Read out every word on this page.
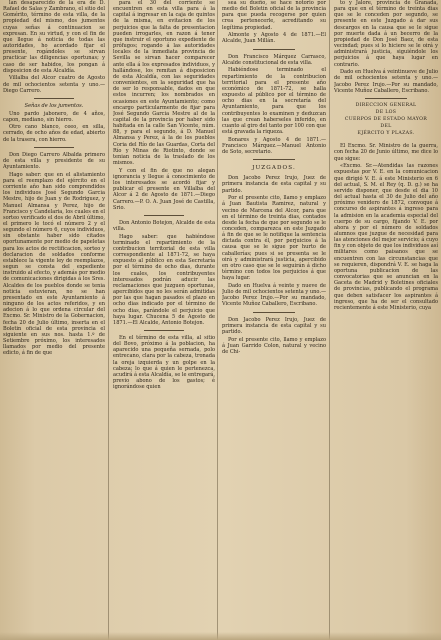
lan desaparecido de la era de D. Rafael de Salas y Zambrano, el sitio del Gomérito, término de esta villa, de la propiedad del mismo, dos jumentos cuyas señas á continuacion se expresan. En su virtud, y con el fin de que llegue á noticia de todas las autoridades, ho acordado fijar el presente, rogándoles se sirvan practicar las diligencias oportunas; y caso de ser habidos, los pongan á disposicion de esta Alcaldía.

Villalba del Alcor cuatro de Agosto de mil ochocientos setenta y uno.—Diego Carrero.

Señas de los jumentos.

Uno pardo jabonero, de 4 años, capon, mediano, sin hierro.

Otro cano blanco, ceeo, en silla, cerrado, de ocho años de edad, abierto de la trasera, con hierro.

Don Diego Carrero Albalda primero de esta villa y presidente de su Ayuntamiento.

Hago saber: que en el alistamiento para el reemplazo del ejército en el corriente año han sido comprendidos los individuos José Segundo Garcia Mestre, hijo de Juan y de Rodriguez, y Manuel Almansa y Perez, hijo de Francisco y Candelaria, los cuales en el sorteo verificado el dos de Abril último, el primero le tocó el número 2 y el segundo el número 6, cuyos individuos, sin obstante haber sido citados oportunamente por medio de papeletas para los actos de rectificacion, sorteo y declaracion de soldados conforme establece la vigente ley de reemplazos, segun se consta del expediente instruido al efecto, y además por medio de comunicaciones dirigidas á los Sres. Alcaldes de los pueblos donde se tenia noticia estuvieran, no se han presentado en este Ayuntamiento á ninguno de los actos referidos, y en adecion á lo que ordena circular del Excmo. Sr. Ministro de la Gobernacion, fecha 20 de Julio último, inserta en el Boletin oficial de esta provincia el siguiente en sus nos. hasta 1.º de Setiembre próximo, los interesados llamados por medio del presente edicto, á fin de que

para el 30 del corriente se encuentren en esta villa para á la capital á ingresar en la caja de quintos de la misma, en evitacion de los perjuicios que la falta de presentacion pueden irrogarles, en razon á tener que instruir el oportuno expediente de prófugos; rogando á las autoridades locales de la inmediata provincia de Sevilla se sirvan hacer comparecer ante ella á los expresados individuos, y hallándose, los remitan á disposicion de esta Alcaldía, con las seguridades convenientes, en la seguridad que ha de ser lo responsable, dados en que estos incurren; los nombrados en ocasiones en este Ayuntamiento; como encargo particularmente de fijar para José Segundo Garcia Mestre al de la capital de la provincia por haber sido habitada en la calle San Vicente, núm. 88, y para el segundo, á D. Manuel Almansa y Perez, á la de los pueblos Coria del Río de las Guardas, Corta del Río y Minas de Riotinto, donde se tenian noticia de la traslado de los mismos.

Y con el fin de que no alegan ignorancia y llegue á conocimiento de los interesados se acordó fijar y publicar el presente en Villalba del Alcor á 2 de Agosto de 1871.—Diego Carrero.—P. O. A. Juan José de Castilla, Srio.

Don Antonio Botejon, Alcalde de esta villa.

Hago saber: que habiéndose terminado el repartimiento de la contribucion territorial de esta villa correspondiente al 1871-72, se haya expuesto al público en esta Secretaría por el término de ocho dias, durante los cuales, los contribuyentes interesados podrán aducir las reclamaciones que juzguen oportunas, apercibidos que no les serán admitidas por las que hagan pasados el plazo en ocho dias indicado por el término de ocho dias, parándole el perjuicio que haya lugar. Chucena 5 de Agosto de 1871.—El Alcalde, Antonio Botejon.

En el término de esta villa, al sitio del Bovo, próximo á la poblacion, ha aparecido una pequeña sernada, polo entrecano, clara por la cabeza, tronada la oreja izquierda y un golpe en la cabeza; lo que á quien le pertenezca, acudirá á esta Alcaldía, se le entregará, previo abono de los gastos; é ignorándose quien

sea su dueño, se hace notorio por medio del Boletin oficial de la provincia para que pueda recogerse por quien crea pertenecerle, acreditando su legítima propiedad.

Almonte y Agosto 4 de 1871.—El Alcalde, Juan Millán.

Don Francisco Márquez Carrasco, Alcalde constitucional de esta villa.

Habiéndose terminado el repartimiento de la contribucion territorial para el presente año económico de 1871-72, se halla expuesto al público por el término de ocho dias en la secretaría del Ayuntamiento, para que los contribuyentes lo examinen y deduzcan las que crean haberseles inferido, en cuanto al giro del tanto por 100 con que está gravada la riqueza.

Bonares y Agosto 4 de 1871.—Francisco Márquez.—Manuel Antonio de Soto, secretario.

JUZGADOS.

Don Jacobo Perez Irujo, Juez de primera instancia de esta capital y su partido.

Por el presente cito, llamo y emplazo á Juan Bautista Ramirez, natural y vecino de Marcena del Alcor, para que en el término de treinta dias, contados desde la fecha de que por segundo se le conceden, comparezca en este Juzgado á fin de que se le notifique la sentencia dictada contra él, por perjuicios á la causa que se le sigue por hurto de caballerías; pues si se presenta se le oirá y administrará justicia, apercibido en otro caso que se le seguirán á dicho término con todos los perjuicios á que haya lugar.

Dado en Huelva á veinte y nueve de Julio de mil ochocientos setenta y uno.—Jacobo Perez Irujo.—Por su mandado, Vicente Muñoz Caballero, Escribano.

Don Jacobo Perez Irujo, Juez de primera instancia de esta capital y su partido.

Por el presente cito, llamo y emplazo á Juan Garrido Colon, natural y vecino de Chi-

to y Jalore, provincia de Granada, para que en el término de treinta dias que se le conceden por segundo, se presente en este Juzgado á dar sus descargos en la causa que se le sigue por muerte dada á un becerro de la propiedad de Don José Baez, de esta vecindad; pues si lo hiciere se le oirá y administrará justicia, siguiéndole los perjuicios á que haya lugar en contrario.

Dado en Huelva á veintinueve de Julio de mil ochocientos setenta y uno.—Jacobo Perez Irujo.—Por su mandado, Vicente Muñoz Caballero, Escribano.

DIRECCION GENERAL

DE LOS

CUERPOS DE ESTADO MAYOR

DEL

EJÉRCITO Y PLAZAS.

El Excmo. Sr. Ministro de la guerra, con fecha 20 de Junio último, me dice lo que sigue:

«Excmo. Sr.—Atendidas las razones expuestas por V. E. en la comunicacion que dirigió V. E. á este Ministerio en 6 del actual, S. M. el Rey (q. D. g.) se ha servido disponer, que desde el dia 10 del actual hasta el 30 de Julio del año próximo venidero de 1872, convoque á concurso de aspirantes á ingreso para la admision en la academia especial del cuerpo de su cargo, fijando V. E. por ahora y por el número de soldados alumnos que juzgue de necesidad para las atenciones del mejor servicio; á cuyo fin y con objeto de que los individuos así militares como paisanos que se encuentren con las circunstancias que se requieren, dispondrá V. E. se haga la oportuna publicacion de las convocatorias que se anuncian en la Gaceta de Madrid y Boletines oficiales de provincias, publicando el programa que deben satisfacer los aspirantes á ingreso, que ha de ser el consultado recientemente á este Ministerio, cuya
